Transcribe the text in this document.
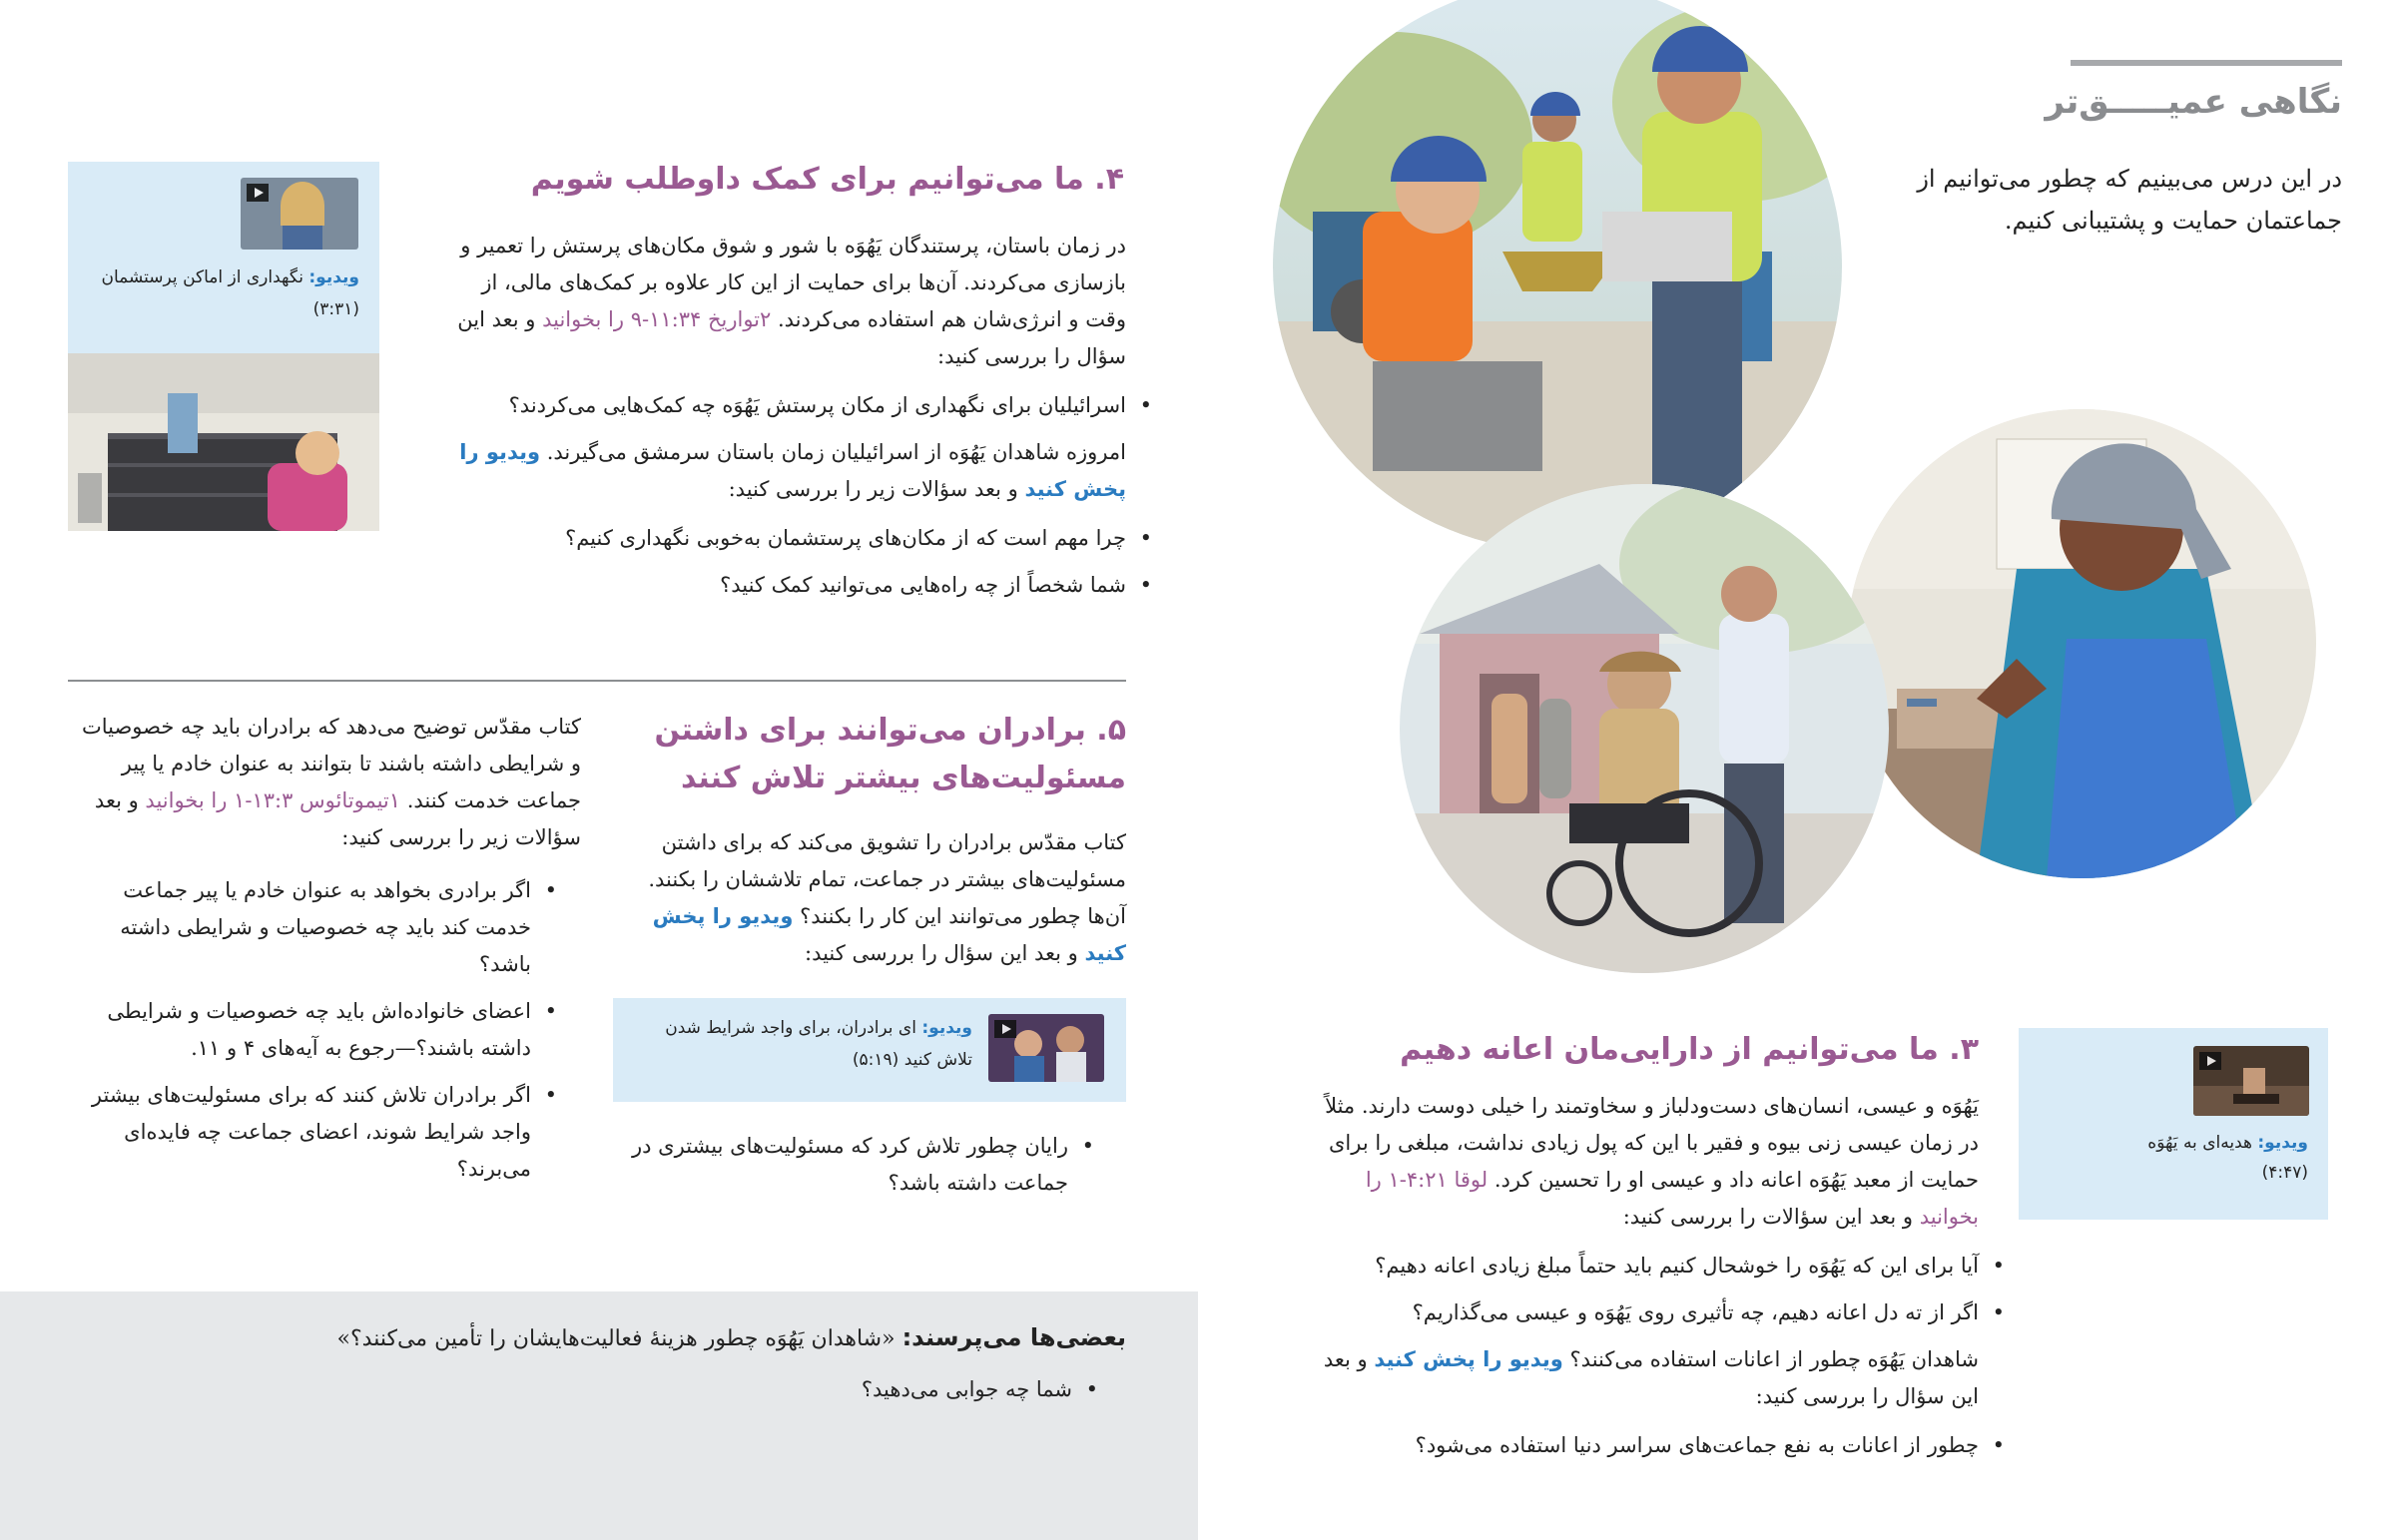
نگاهی عمیـــــق‌تر
در این درس می‌بینیم که چطور می‌توانیم از جماعتمان حمایت و پشتیبانی کنیم.
۳. ما می‌توانیم از دارایی‌مان اعانه دهیم

یَهُوَه و عیسی، انسان‌های دست‌ودلباز و سخاوتمند را خیلی دوست دارند. مثلاً در زمان عیسی زنی بیوه و فقیر با این که پول زیادی نداشت، مبلغی را برای حمایت از معبد یَهُوَه اعانه داد و عیسی او را تحسین کرد. لوقا ۲۱:‏۱-۴ را بخوانید و بعد این سؤالات را بررسی کنید:

• آیا برای این که یَهُوَه را خوشحال کنیم باید حتماً مبلغ زیادی اعانه دهیم؟
• اگر از ته دل اعانه دهیم، چه تأثیری روی یَهُوَه و عیسی می‌گذاریم؟

شاهدان یَهُوَه چطور از اعانات استفاده می‌کنند؟ ویدیو را پخش کنید و بعد این سؤال را بررسی کنید:

• چطور از اعانات به نفع جماعت‌های سراسر دنیا استفاده می‌شود؟
ویدیو: هدیه‌ای به یَهُوَه
(۴:۴۷)
۴. ما می‌توانیم برای کمک داوطلب شویم

در زمان باستان، پرستندگان یَهُوَه با شور و شوق مکان‌های پرستش را تعمیر و بازسازی می‌کردند. آن‌ها برای حمایت از این کار علاوه بر کمک‌های مالی، از وقت و انرژی‌شان هم استفاده می‌کردند. ۲تواریخ ۳۴:‏۹-۱۱ را بخوانید و بعد این سؤال را بررسی کنید:

• اسرائیلیان برای نگهداری از مکان پرستش یَهُوَه چه کمک‌هایی می‌کردند؟

امروزه شاهدان یَهُوَه از اسرائیلیان زمان باستان سرمشق می‌گیرند. ویدیو را پخش کنید و بعد سؤالات زیر را بررسی کنید:

• چرا مهم است که از مکان‌های پرستشمان به‌خوبی نگهداری کنیم؟
• شما شخصاً از چه راه‌هایی می‌توانید کمک کنید؟
ویدیو: نگهداری از اماکن پرستشمان
(۳:۳۱)
۵. برادران می‌توانند برای داشتن
مسئولیت‌های بیشتر تلاش کنند

کتاب مقدّس برادران را تشویق می‌کند که برای داشتن مسئولیت‌های بیشتر در جماعت، تمام تلاششان را بکنند. آن‌ها چطور می‌توانند این کار را بکنند؟ ویدیو را پخش کنید و بعد این سؤال را بررسی کنید:

ویدیو: ای برادران، برای واجد شرایط شدن تلاش کنید (۵:۱۹)
• رایان چطور تلاش کرد که مسئولیت‌های بیشتری در جماعت داشته باشد؟

کتاب مقدّس توضیح می‌دهد که برادران باید چه خصوصیات و شرایطی داشته باشند تا بتوانند به عنوان خادم یا پیر جماعت خدمت کنند. ۱تیموتائوس ۳:‏۱-۱۳ را بخوانید و بعد سؤالات زیر را بررسی کنید:

• اگر برادری بخواهد به عنوان خادم یا پیر جماعت خدمت کند باید چه خصوصیات و شرایطی داشته باشد؟
• اعضای خانواده‌اش باید چه خصوصیات و شرایطی داشته باشند؟—رجوع به آیه‌های ۴ و ۱۱.
• اگر برادران تلاش کنند که برای مسئولیت‌های بیشتر واجد شرایط شوند، اعضای جماعت چه فایده‌ای می‌برند؟
بعضی‌ها می‌پرسند: «شاهدان یَهُوَه چطور هزینهٔ فعالیت‌هایشان را تأمین می‌کنند؟»
• شما چه جوابی می‌دهید؟
